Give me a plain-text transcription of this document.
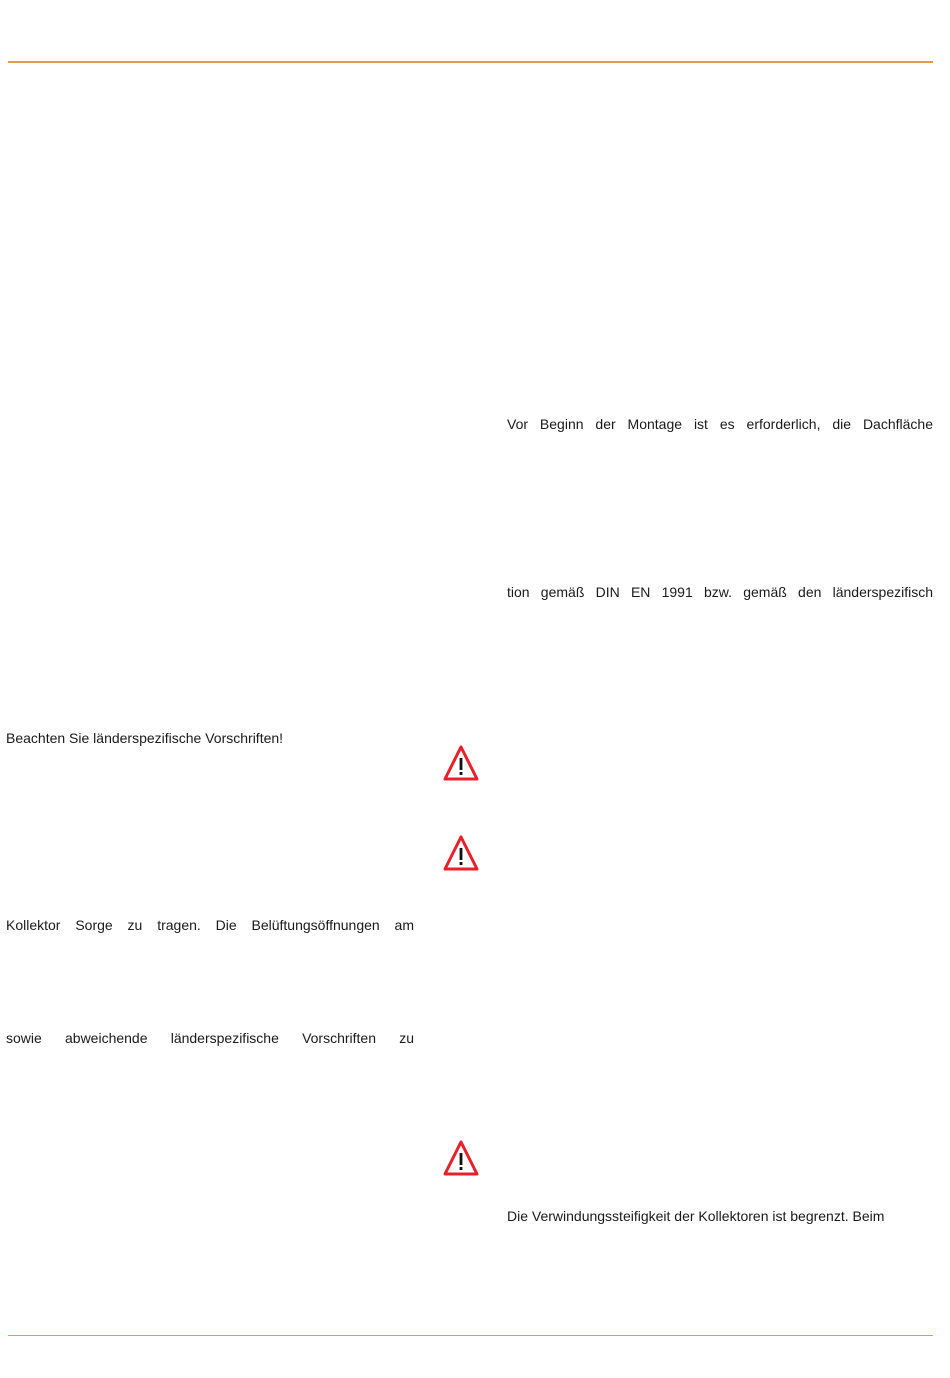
Vor Beginn der Montage ist es erforderlich, die Dachfläche
tion gemäß DIN EN 1991 bzw. gemäß den länderspezifisch
Die Verwindungssteifigkeit der Kollektoren ist begrenzt. Beim
Beachten Sie länderspezifische Vorschriften!
Kollektor Sorge zu tragen. Die Belüftungsöffnungen am
sowie abweichende länderspezifische Vorschriften zu
